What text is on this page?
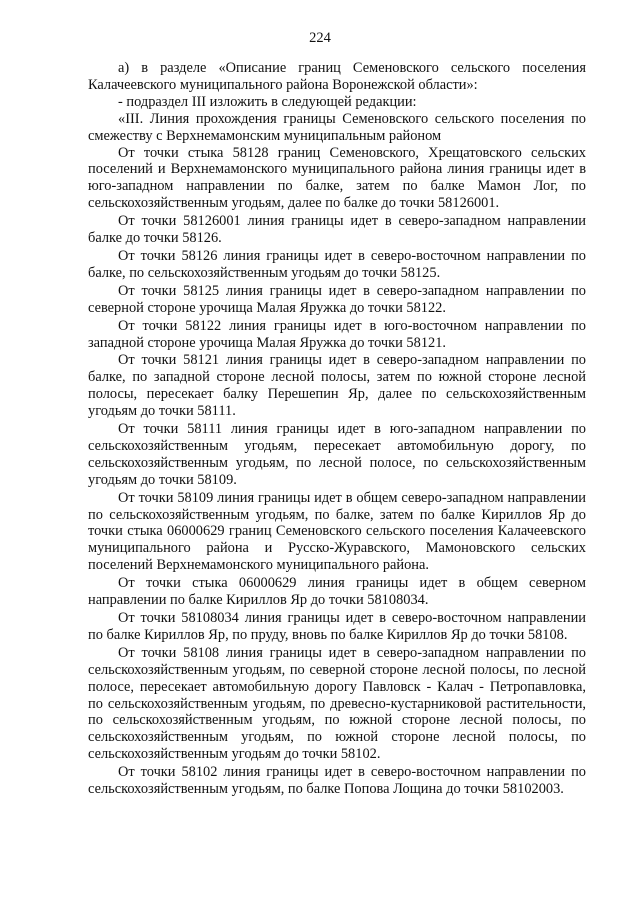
224

а) в разделе «Описание границ Семеновского сельского поселения Калачеевского муниципального района Воронежской области»:

- подраздел III изложить в следующей редакции:

«III. Линия прохождения границы Семеновского сельского поселения по смежеству с Верхнемамонским муниципальным районом

От точки стыка 58128 границ Семеновского, Хрещатовского сельских поселений и Верхнемамонского муниципального района линия границы идет в юго-западном направлении по балке, затем по балке Мамон Лог, по сельскохозяйственным угодьям, далее по балке до точки 58126001.

От точки 58126001 линия границы идет в северо-западном направлении балке до точки 58126.

От точки 58126 линия границы идет в северо-восточном направлении по балке, по сельскохозяйственным угодьям до точки 58125.

От точки 58125 линия границы идет в северо-западном направлении по северной стороне урочища Малая Яружка до точки 58122.

От точки 58122 линия границы идет в юго-восточном направлении по западной стороне урочища Малая Яружка до точки 58121.

От точки 58121 линия границы идет в северо-западном направлении по балке, по западной стороне лесной полосы, затем по южной стороне лесной полосы, пересекает балку Перешепин Яр, далее по сельскохозяйственным угодьям до точки 58111.

От точки 58111 линия границы идет в юго-западном направлении по сельскохозяйственным угодьям, пересекает автомобильную дорогу, по сельскохозяйственным угодьям, по лесной полосе, по сельскохозяйственным угодьям до точки 58109.

От точки 58109 линия границы идет в общем северо-западном направлении по сельскохозяйственным угодьям, по балке, затем по балке Кириллов Яр до точки стыка 06000629 границ Семеновского сельского поселения Калачеевского муниципального района и Русско-Журавского, Мамоновского сельских поселений Верхнемамонского муниципального района.

От точки стыка 06000629 линия границы идет в общем северном направлении по балке Кириллов Яр до точки 58108034.

От точки 58108034 линия границы идет в северо-восточном направлении по балке Кириллов Яр, по пруду, вновь по балке Кириллов Яр до точки 58108.

От точки 58108 линия границы идет в северо-западном направлении по сельскохозяйственным угодьям, по северной стороне лесной полосы, по лесной полосе, пересекает автомобильную дорогу Павловск - Калач - Петропавловка, по сельскохозяйственным угодьям, по древесно-кустарниковой растительности, по сельскохозяйственным угодьям, по южной стороне лесной полосы, по сельскохозяйственным угодьям, по южной стороне лесной полосы, по сельскохозяйственным угодьям до точки 58102.

От точки 58102 линия границы идет в северо-восточном направлении по сельскохозяйственным угодьям, по балке Попова Лощина до точки 58102003.
